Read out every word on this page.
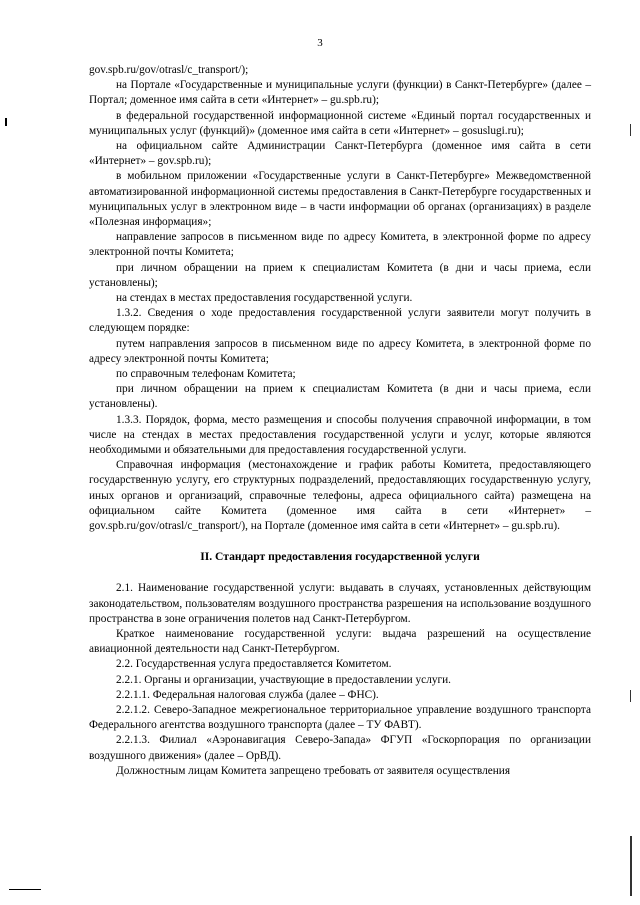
3

gov.spb.ru/gov/otrasl/c_transport/);

на Портале «Государственные и муниципальные услуги (функции) в Санкт-Петербурге» (далее – Портал; доменное имя сайта в сети «Интернет» – gu.spb.ru);

в федеральной государственной информационной системе «Единый портал государственных и муниципальных услуг (функций)» (доменное имя сайта в сети «Интернет» – gosuslugi.ru);

на официальном сайте Администрации Санкт-Петербурга (доменное имя сайта в сети «Интернет» – gov.spb.ru);

в мобильном приложении «Государственные услуги в Санкт-Петербурге» Межведомственной автоматизированной информационной системы предоставления в Санкт-Петербурге государственных и муниципальных услуг в электронном виде – в части информации об органах (организациях) в разделе «Полезная информация»;

направление запросов в письменном виде по адресу Комитета, в электронной форме по адресу электронной почты Комитета;

при личном обращении на прием к специалистам Комитета (в дни и часы приема, если установлены);

на стендах в местах предоставления государственной услуги.

1.3.2. Сведения о ходе предоставления государственной услуги заявители могут получить в следующем порядке:

путем направления запросов в письменном виде по адресу Комитета, в электронной форме по адресу электронной почты Комитета;

по справочным телефонам Комитета;

при личном обращении на прием к специалистам Комитета (в дни и часы приема, если установлены).

1.3.3. Порядок, форма, место размещения и способы получения справочной информации, в том числе на стендах в местах предоставления государственной услуги и услуг, которые являются необходимыми и обязательными для предоставления государственной услуги.

Справочная информация (местонахождение и график работы Комитета, предоставляющего государственную услугу, его структурных подразделений, предоставляющих государственную услугу, иных органов и организаций, справочные телефоны, адреса официального сайта) размещена на официальном сайте Комитета (доменное имя сайта в сети «Интернет» – gov.spb.ru/gov/otrasl/c_transport/), на Портале (доменное имя сайта в сети «Интернет» – gu.spb.ru).

II. Стандарт предоставления государственной услуги

2.1. Наименование государственной услуги: выдавать в случаях, установленных действующим законодательством, пользователям воздушного пространства разрешения на использование воздушного пространства в зоне ограничения полетов над Санкт-Петербургом.

Краткое наименование государственной услуги: выдача разрешений на осуществление авиационной деятельности над Санкт-Петербургом.

2.2. Государственная услуга предоставляется Комитетом.

2.2.1. Органы и организации, участвующие в предоставлении услуги.

2.2.1.1. Федеральная налоговая служба (далее – ФНС).

2.2.1.2. Северо-Западное межрегиональное территориальное управление воздушного транспорта Федерального агентства воздушного транспорта (далее – ТУ ФАВТ).

2.2.1.3. Филиал «Аэронавигация Северо-Запада» ФГУП «Госкорпорация по организации воздушного движения» (далее – ОрВД).

Должностным лицам Комитета запрещено требовать от заявителя осуществления
